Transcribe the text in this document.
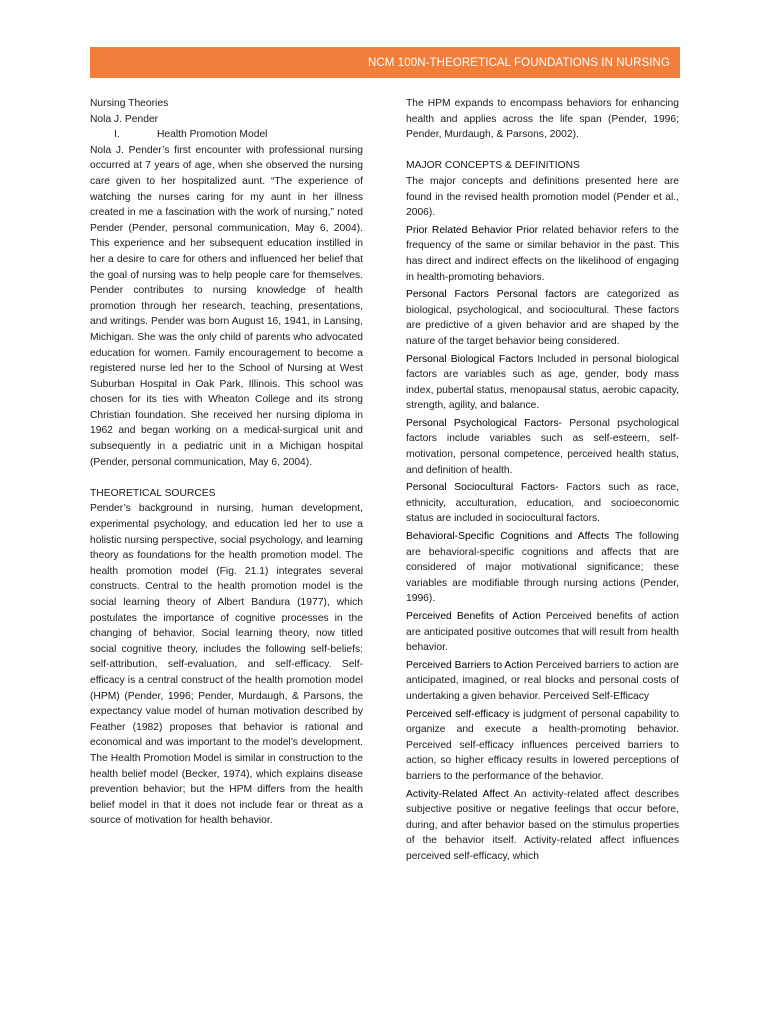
NCM 100N-THEORETICAL FOUNDATIONS IN NURSING

Nursing Theories

Nola J. Pender

I.	Health Promotion Model

Nola J. Pender’s first encounter with professional nursing occurred at 7 years of age, when she observed the nursing care given to her hospitalized aunt. “The experience of watching the nurses caring for my aunt in her illness created in me a fascination with the work of nursing,” noted Pender (Pender, personal communication, May 6, 2004). This experience and her subsequent education instilled in her a desire to care for others and influenced her belief that the goal of nursing was to help people care for themselves. Pender contributes to nursing knowledge of health promotion through her research, teaching, presentations, and writings. Pender was born August 16, 1941, in Lansing, Michigan. She was the only child of parents who advocated education for women. Family encouragement to become a registered nurse led her to the School of Nursing at West Suburban Hospital in Oak Park, Illinois. This school was chosen for its ties with Wheaton College and its strong Christian foundation. She received her nursing diploma in 1962 and began working on a medical-surgical unit and subsequently in a pediatric unit in a Michigan hospital (Pender, personal communication, May 6, 2004).

THEORETICAL SOURCES

Pender’s background in nursing, human development, experimental psychology, and education led her to use a holistic nursing perspective, social psychology, and learning theory as foundations for the health promotion model. The health promotion model (Fig. 21.1) integrates several constructs. Central to the health promotion model is the social learning theory of Albert Bandura (1977), which postulates the importance of cognitive processes in the changing of behavior. Social learning theory, now titled social cognitive theory, includes the following self-beliefs: self-attribution, self-evaluation, and self-efficacy. Self-efficacy is a central construct of the health promotion model (HPM) (Pender, 1996; Pender, Murdaugh, & Parsons, the expectancy value model of human motivation described by Feather (1982) proposes that behavior is rational and economical and was important to the model’s development. The Health Promotion Model is similar in construction to the health belief model (Becker, 1974), which explains disease prevention behavior; but the HPM differs from the health belief model in that it does not include fear or threat as a source of motivation for health behavior.

The HPM expands to encompass behaviors for enhancing health and applies across the life span (Pender, 1996; Pender, Murdaugh, & Parsons, 2002).

MAJOR CONCEPTS & DEFINITIONS

The major concepts and definitions presented here are found in the revised health promotion model (Pender et al., 2006).

Prior Related Behavior Prior related behavior refers to the frequency of the same or similar behavior in the past. This has direct and indirect effects on the likelihood of engaging in health-promoting behaviors.

Personal Factors Personal factors are categorized as biological, psychological, and sociocultural. These factors are predictive of a given behavior and are shaped by the nature of the target behavior being considered.

Personal Biological Factors Included in personal biological factors are variables such as age, gender, body mass index, pubertal status, menopausal status, aerobic capacity, strength, agility, and balance.

Personal Psychological Factors- Personal psychological factors include variables such as self-esteem, self-motivation, personal competence, perceived health status, and definition of health.

Personal Sociocultural Factors- Factors such as race, ethnicity, acculturation, education, and socioeconomic status are included in sociocultural factors.

Behavioral-Specific Cognitions and Affects The following are behavioral-specific cognitions and affects that are considered of major motivational significance; these variables are modifiable through nursing actions (Pender, 1996).

Perceived Benefits of Action Perceived benefits of action are anticipated positive outcomes that will result from health behavior.

Perceived Barriers to Action Perceived barriers to action are anticipated, imagined, or real blocks and personal costs of undertaking a given behavior. Perceived Self-Efficacy

Perceived self-efficacy is judgment of personal capability to organize and execute a health-promoting behavior. Perceived self-efficacy influences perceived barriers to action, so higher efficacy results in lowered perceptions of barriers to the performance of the behavior.

Activity-Related Affect An activity-related affect describes subjective positive or negative feelings that occur before, during, and after behavior based on the stimulus properties of the behavior itself. Activity-related affect influences perceived self-efficacy, which
